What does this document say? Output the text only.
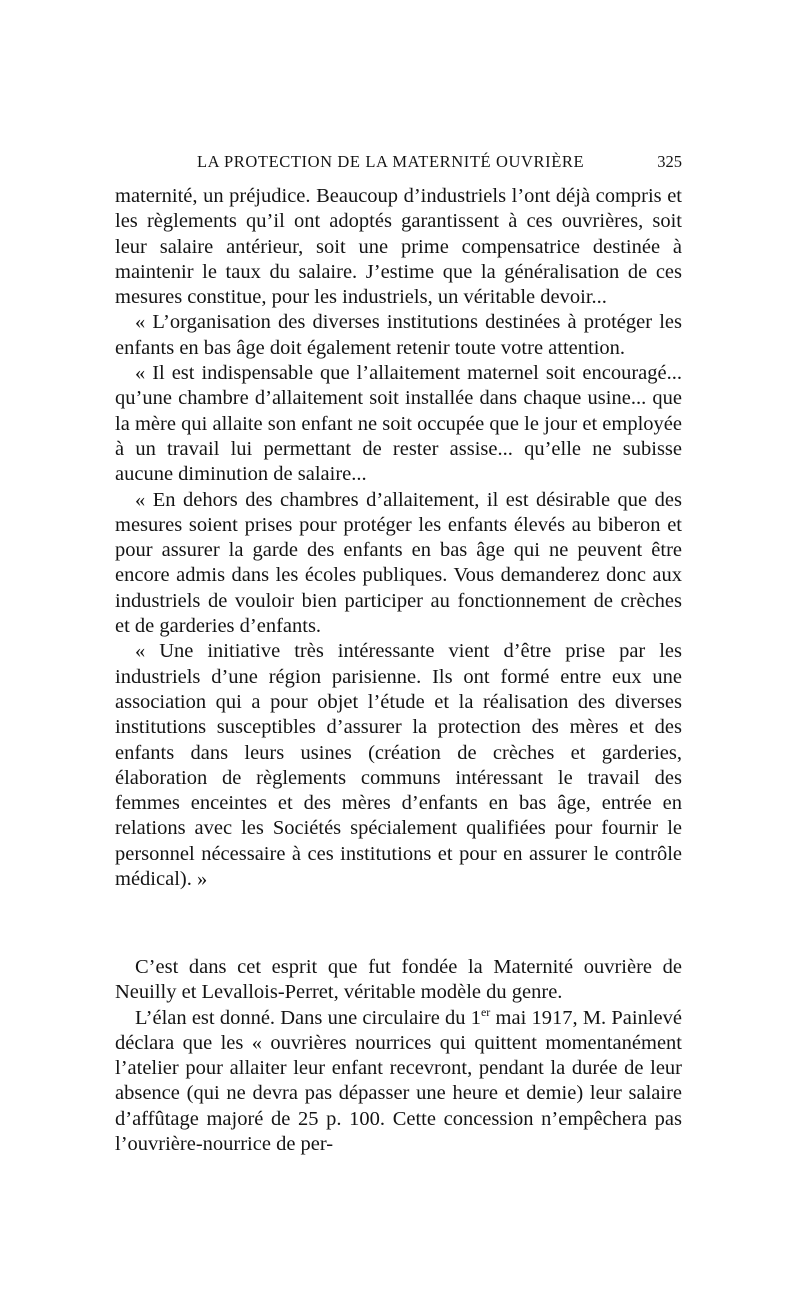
LA PROTECTION DE LA MATERNITÉ OUVRIÈRE	325

maternité, un préjudice. Beaucoup d’industriels l’ont déjà compris et les règlements qu’il ont adoptés garantissent à ces ouvrières, soit leur salaire antérieur, soit une prime compensatrice destinée à maintenir le taux du salaire. J’estime que la généralisation de ces mesures constitue, pour les industriels, un véritable devoir...

« L’organisation des diverses institutions destinées à protéger les enfants en bas âge doit également retenir toute votre attention.

« Il est indispensable que l’allaitement maternel soit encouragé... qu’une chambre d’allaitement soit installée dans chaque usine... que la mère qui allaite son enfant ne soit occupée que le jour et employée à un travail lui permettant de rester assise... qu’elle ne subisse aucune diminution de salaire...

« En dehors des chambres d’allaitement, il est désirable que des mesures soient prises pour protéger les enfants élevés au biberon et pour assurer la garde des enfants en bas âge qui ne peuvent être encore admis dans les écoles publiques. Vous demanderez donc aux industriels de vouloir bien participer au fonctionnement de crèches et de garderies d’enfants.

« Une initiative très intéressante vient d’être prise par les industriels d’une région parisienne. Ils ont formé entre eux une association qui a pour objet l’étude et la réalisation des diverses institutions susceptibles d’assurer la protection des mères et des enfants dans leurs usines (création de crèches et garderies, élaboration de règlements communs intéressant le travail des femmes enceintes et des mères d’enfants en bas âge, entrée en relations avec les Sociétés spécialement qualifiées pour fournir le personnel nécessaire à ces institutions et pour en assurer le contrôle médical). »

C’est dans cet esprit que fut fondée la Maternité ouvrière de Neuilly et Levallois-Perret, véritable modèle du genre.

L’élan est donné. Dans une circulaire du 1er mai 1917, M. Painlevé déclara que les « ouvrières nourrices qui quittent momentanément l’atelier pour allaiter leur enfant recevront, pendant la durée de leur absence (qui ne devra pas dépasser une heure et demie) leur salaire d’affûtage majoré de 25 p. 100. Cette concession n’empêchera pas l’ouvrière-nourrice de per-
